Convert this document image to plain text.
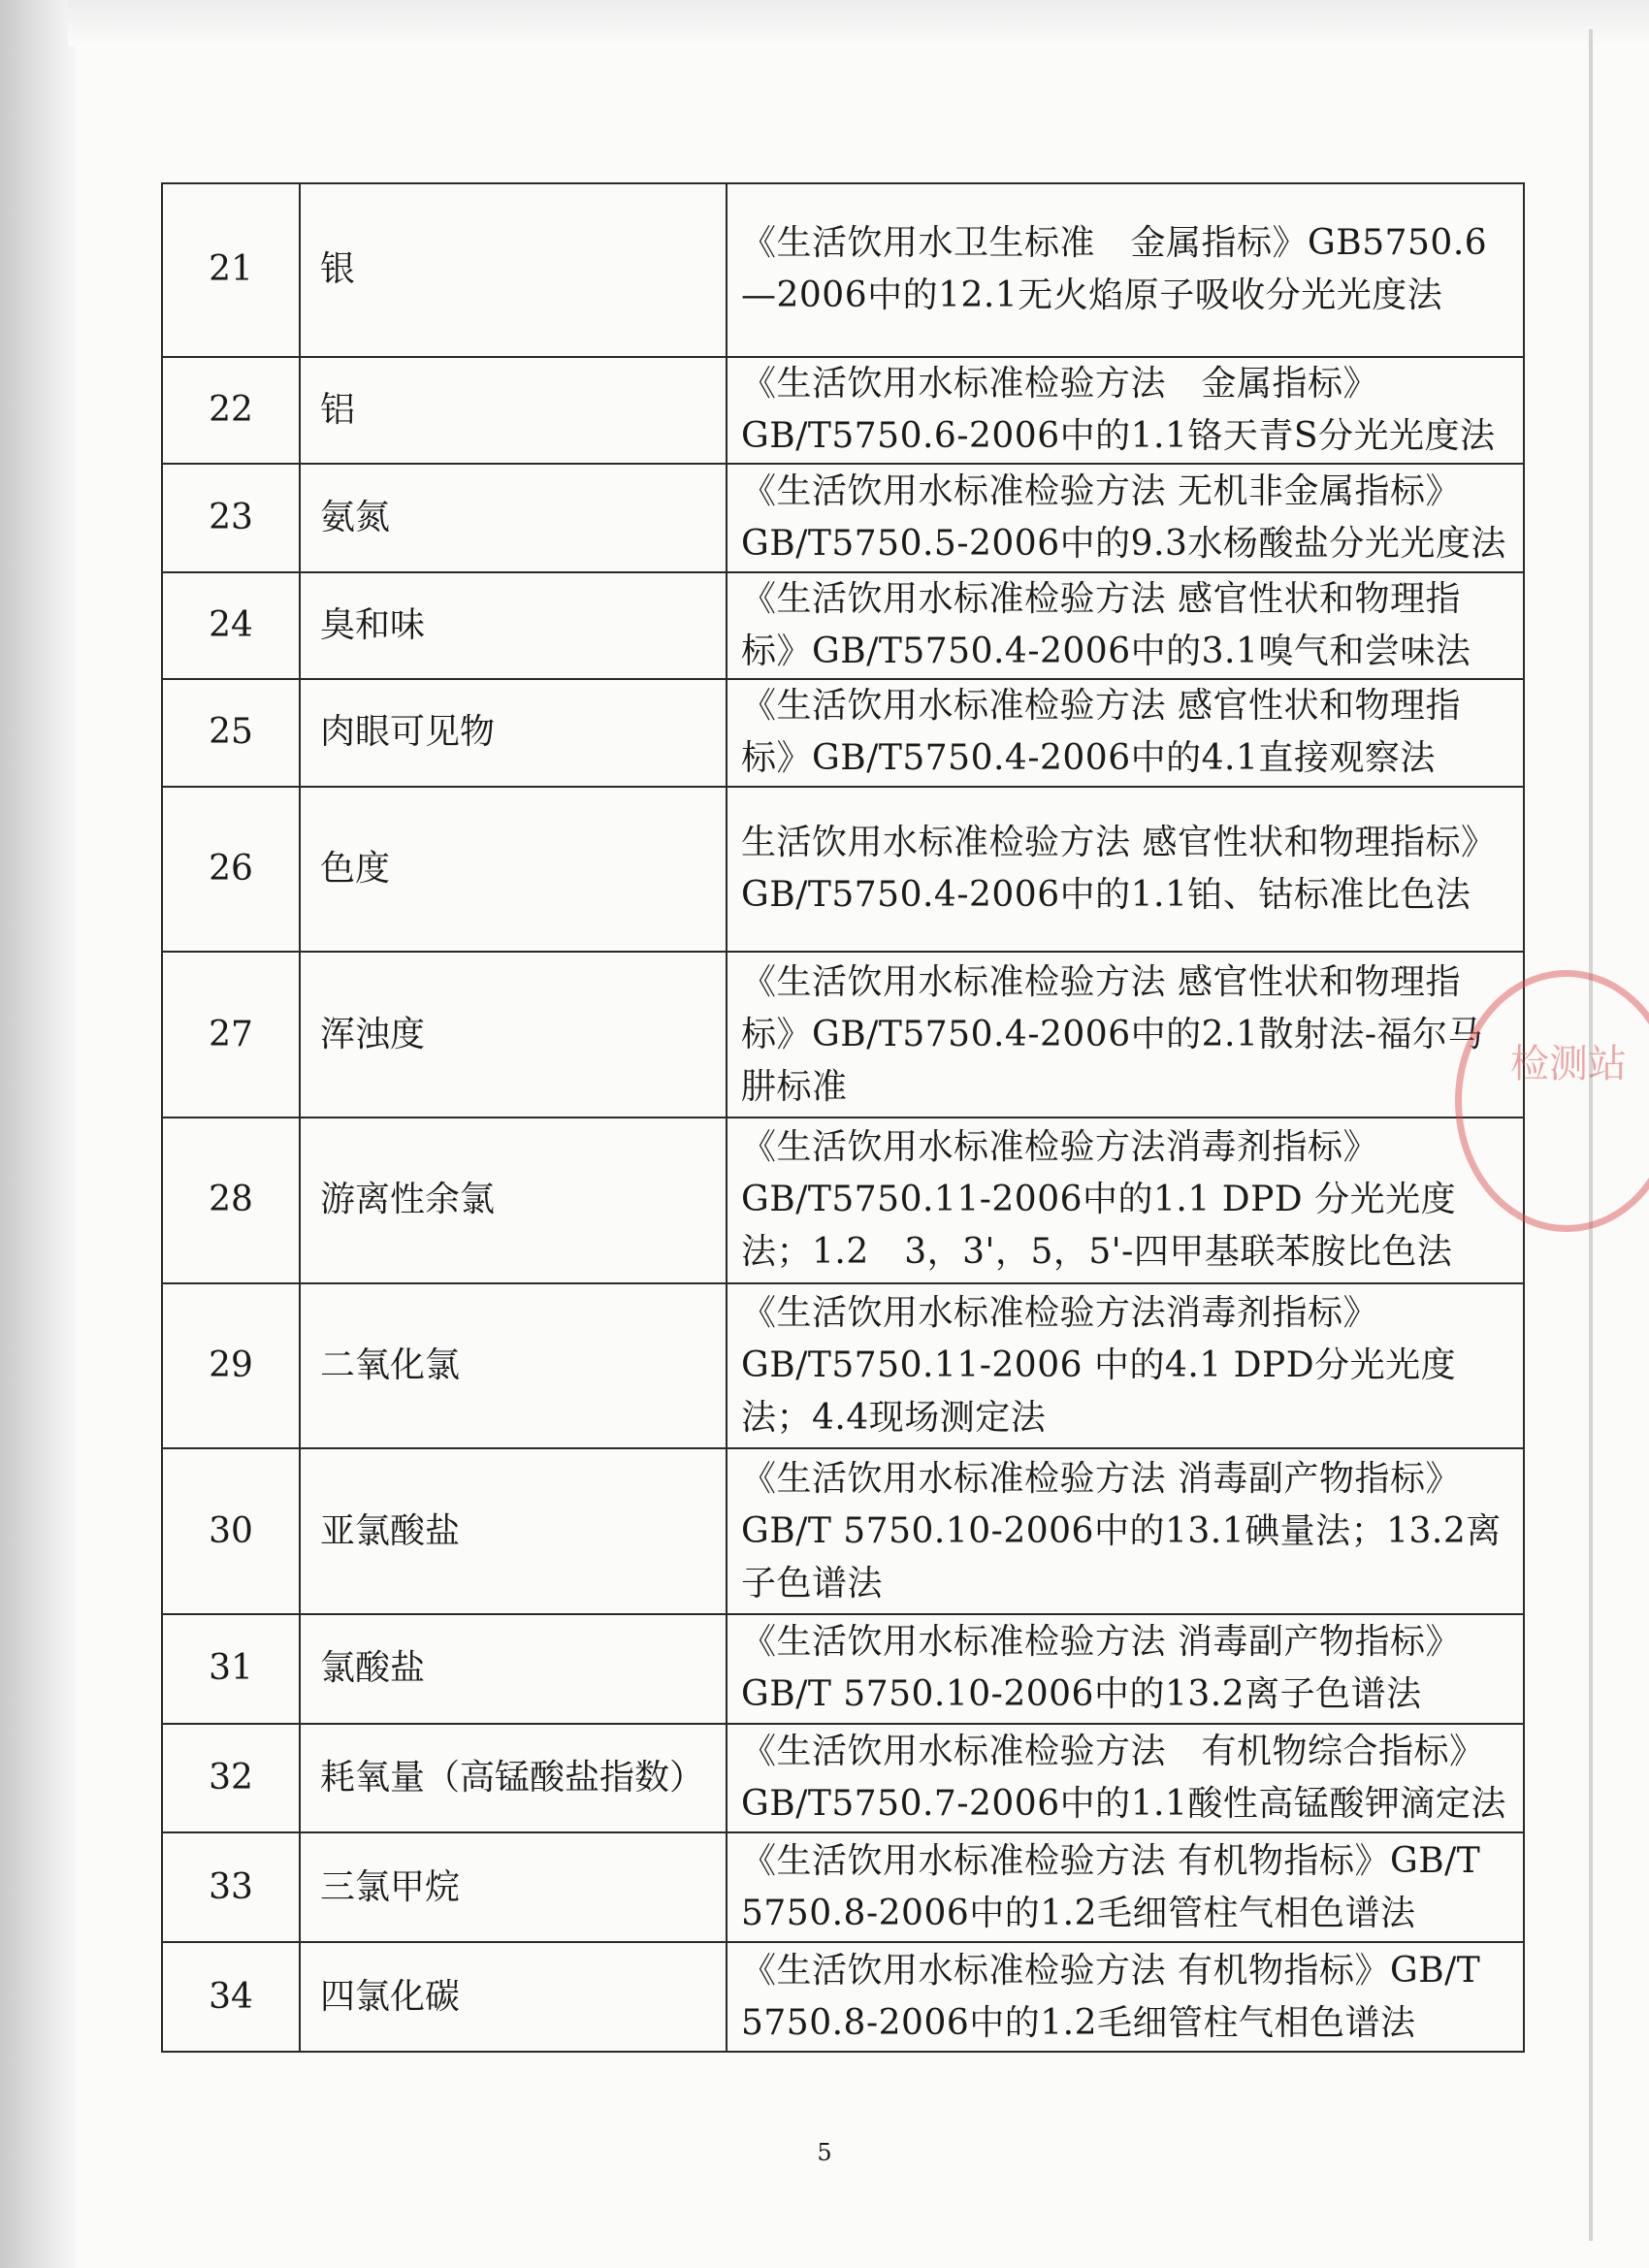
21	银	《生活饮用水卫生标准　金属指标》GB5750.6—2006中的12.1无火焰原子吸收分光光度法
22	铝	《生活饮用水标准检验方法　金属指标》GB/T5750.6-2006中的1.1铬天青S分光光度法
23	氨氮	《生活饮用水标准检验方法 无机非金属指标》GB/T5750.5-2006中的9.3水杨酸盐分光光度法
24	臭和味	《生活饮用水标准检验方法 感官性状和物理指标》GB/T5750.4-2006中的3.1嗅气和尝味法
25	肉眼可见物	《生活饮用水标准检验方法 感官性状和物理指标》GB/T5750.4-2006中的4.1直接观察法
26	色度	生活饮用水标准检验方法 感官性状和物理指标》GB/T5750.4-2006中的1.1铂、钴标准比色法
27	浑浊度	《生活饮用水标准检验方法 感官性状和物理指标》GB/T5750.4-2006中的2.1散射法-福尔马肼标准
28	游离性余氯	《生活饮用水标准检验方法消毒剂指标》GB/T5750.11-2006中的1.1 DPD 分光光度法；1.2　3，3'，5，5'-四甲基联苯胺比色法
29	二氧化氯	《生活饮用水标准检验方法消毒剂指标》GB/T5750.11-2006 中的4.1 DPD分光光度法；4.4现场测定法
30	亚氯酸盐	《生活饮用水标准检验方法 消毒副产物指标》GB/T 5750.10-2006中的13.1碘量法；13.2离子色谱法
31	氯酸盐	《生活饮用水标准检验方法 消毒副产物指标》GB/T 5750.10-2006中的13.2离子色谱法
32	耗氧量（高锰酸盐指数）	《生活饮用水标准检验方法　有机物综合指标》GB/T5750.7-2006中的1.1酸性高锰酸钾滴定法
33	三氯甲烷	《生活饮用水标准检验方法 有机物指标》GB/T 5750.8-2006中的1.2毛细管柱气相色谱法
34	四氯化碳	《生活饮用水标准检验方法 有机物指标》GB/T 5750.8-2006中的1.2毛细管柱气相色谱法
检测站
5
